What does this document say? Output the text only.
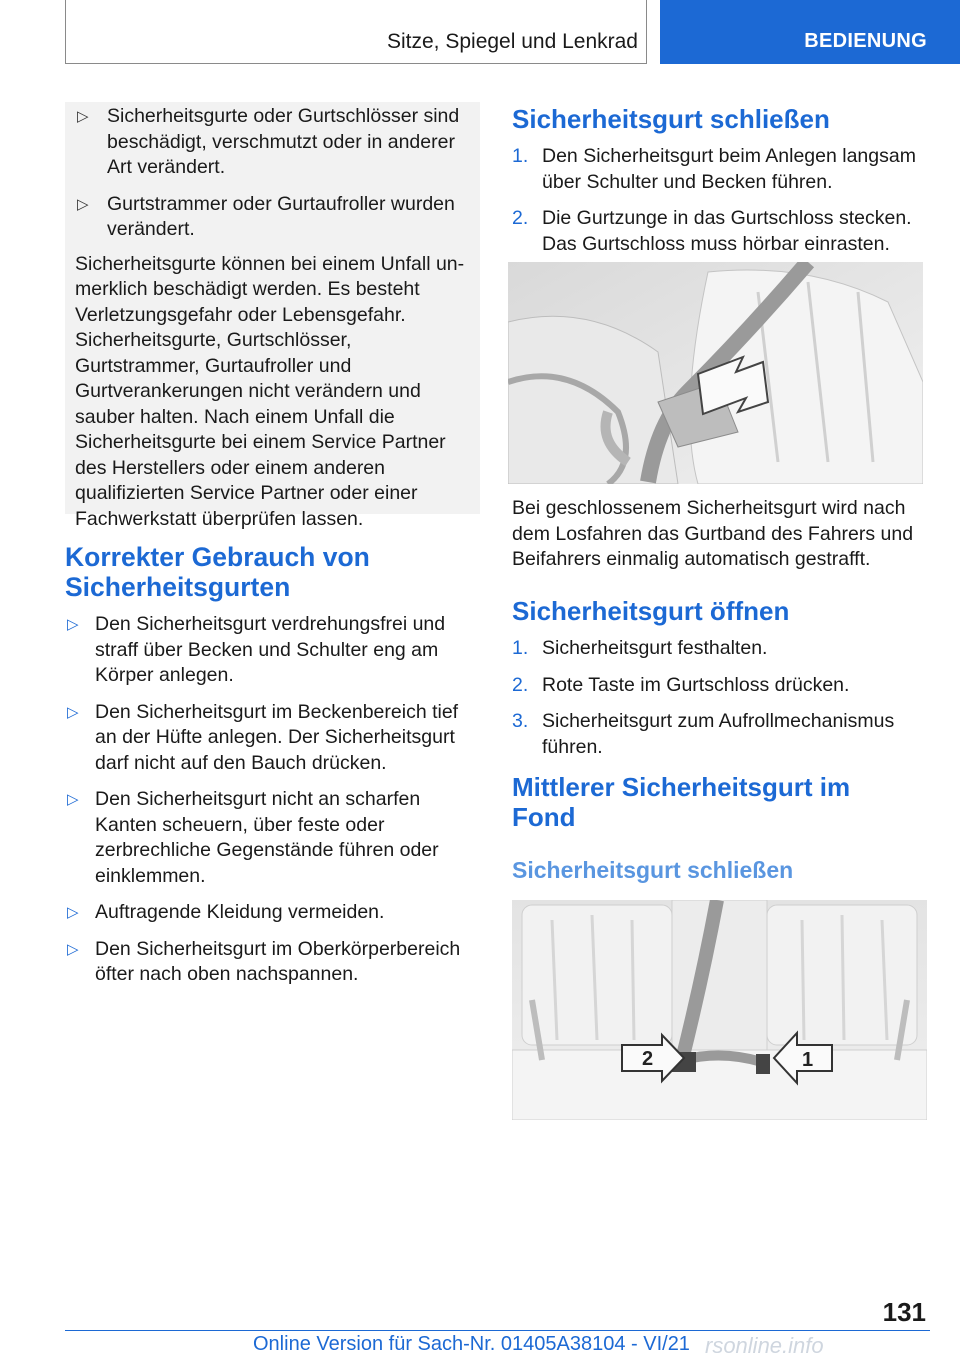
Sitze, Spiegel und Lenkrad	BEDIENUNG
▷ Sicherheitsgurte oder Gurtschlösser sind beschädigt, verschmutzt oder in anderer Art verändert.
▷ Gurtstrammer oder Gurtaufroller wurden verändert.
Sicherheitsgurte können bei einem Unfall unmerklich beschädigt werden. Es besteht Verletzungsgefahr oder Lebensgefahr. Sicherheitsgurte, Gurtschlösser, Gurtstrammer, Gurtaufroller und Gurtverankerungen nicht verändern und sauber halten. Nach einem Unfall die Sicherheitsgurte bei einem Service Partner des Herstellers oder einem anderen qualifizierten Service Partner oder einer Fachwerkstatt überprüfen lassen.
Korrekter Gebrauch von
Sicherheitsgurten
▷ Den Sicherheitsgurt verdrehungsfrei und straff über Becken und Schulter eng am Körper anlegen.
▷ Den Sicherheitsgurt im Beckenbereich tief an der Hüfte anlegen. Der Sicherheitsgurt darf nicht auf den Bauch drücken.
▷ Den Sicherheitsgurt nicht an scharfen Kanten scheuern, über feste oder zerbrechliche Gegenstände führen oder einklemmen.
▷ Auftragende Kleidung vermeiden.
▷ Den Sicherheitsgurt im Oberkörperbereich öfter nach oben nachspannen.
Sicherheitsgurt schließen
1. Den Sicherheitsgurt beim Anlegen langsam über Schulter und Becken führen.
2. Die Gurtzunge in das Gurtschloss stecken. Das Gurtschloss muss hörbar einrasten.
Bei geschlossenem Sicherheitsgurt wird nach dem Losfahren das Gurtband des Fahrers und Beifahrers einmalig automatisch gestrafft.
Sicherheitsgurt öffnen
1. Sicherheitsgurt festhalten.
2. Rote Taste im Gurtschloss drücken.
3. Sicherheitsgurt zum Aufrollmechanismus führen.
Mittlerer Sicherheitsgurt im
Fond
Sicherheitsgurt schließen
2	1
131
Online Version für Sach-Nr. 01405A38104 - VI/21 rsonline.info
